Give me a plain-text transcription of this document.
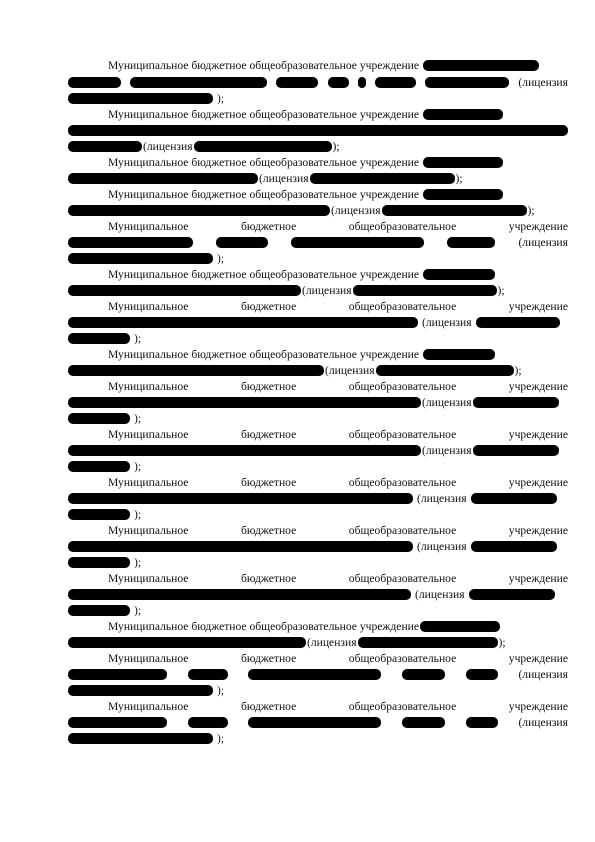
Муниципальное бюджетное общеобразовательное учреждение
(лицензия
);
Муниципальное бюджетное общеобразовательное учреждение
(лицензия	);
Муниципальное бюджетное общеобразовательное учреждение
(лицензия	);
Муниципальное бюджетное общеобразовательное учреждение
(лицензия	);
Муниципальное	бюджетное	общеобразовательное	учреждение
(лицензия
);
Муниципальное бюджетное общеобразовательное учреждение
(лицензия	);
Муниципальное	бюджетное	общеобразовательное	учреждение
(лицензия
);
Муниципальное бюджетное общеобразовательное учреждение
(лицензия	);
Муниципальное	бюджетное	общеобразовательное	учреждение
(лицензия
);
Муниципальное	бюджетное	общеобразовательное	учреждение
(лицензия
);
Муниципальное	бюджетное	общеобразовательное	учреждение
(лицензия
);
Муниципальное	бюджетное	общеобразовательное	учреждение
(лицензия
);
Муниципальное	бюджетное	общеобразовательное	учреждение
(лицензия
);
Муниципальное бюджетное общеобразовательное учреждение
(лицензия	);
Муниципальное	бюджетное	общеобразовательное	учреждение
(лицензия
);
Муниципальное	бюджетное	общеобразовательное	учреждение
(лицензия
);
